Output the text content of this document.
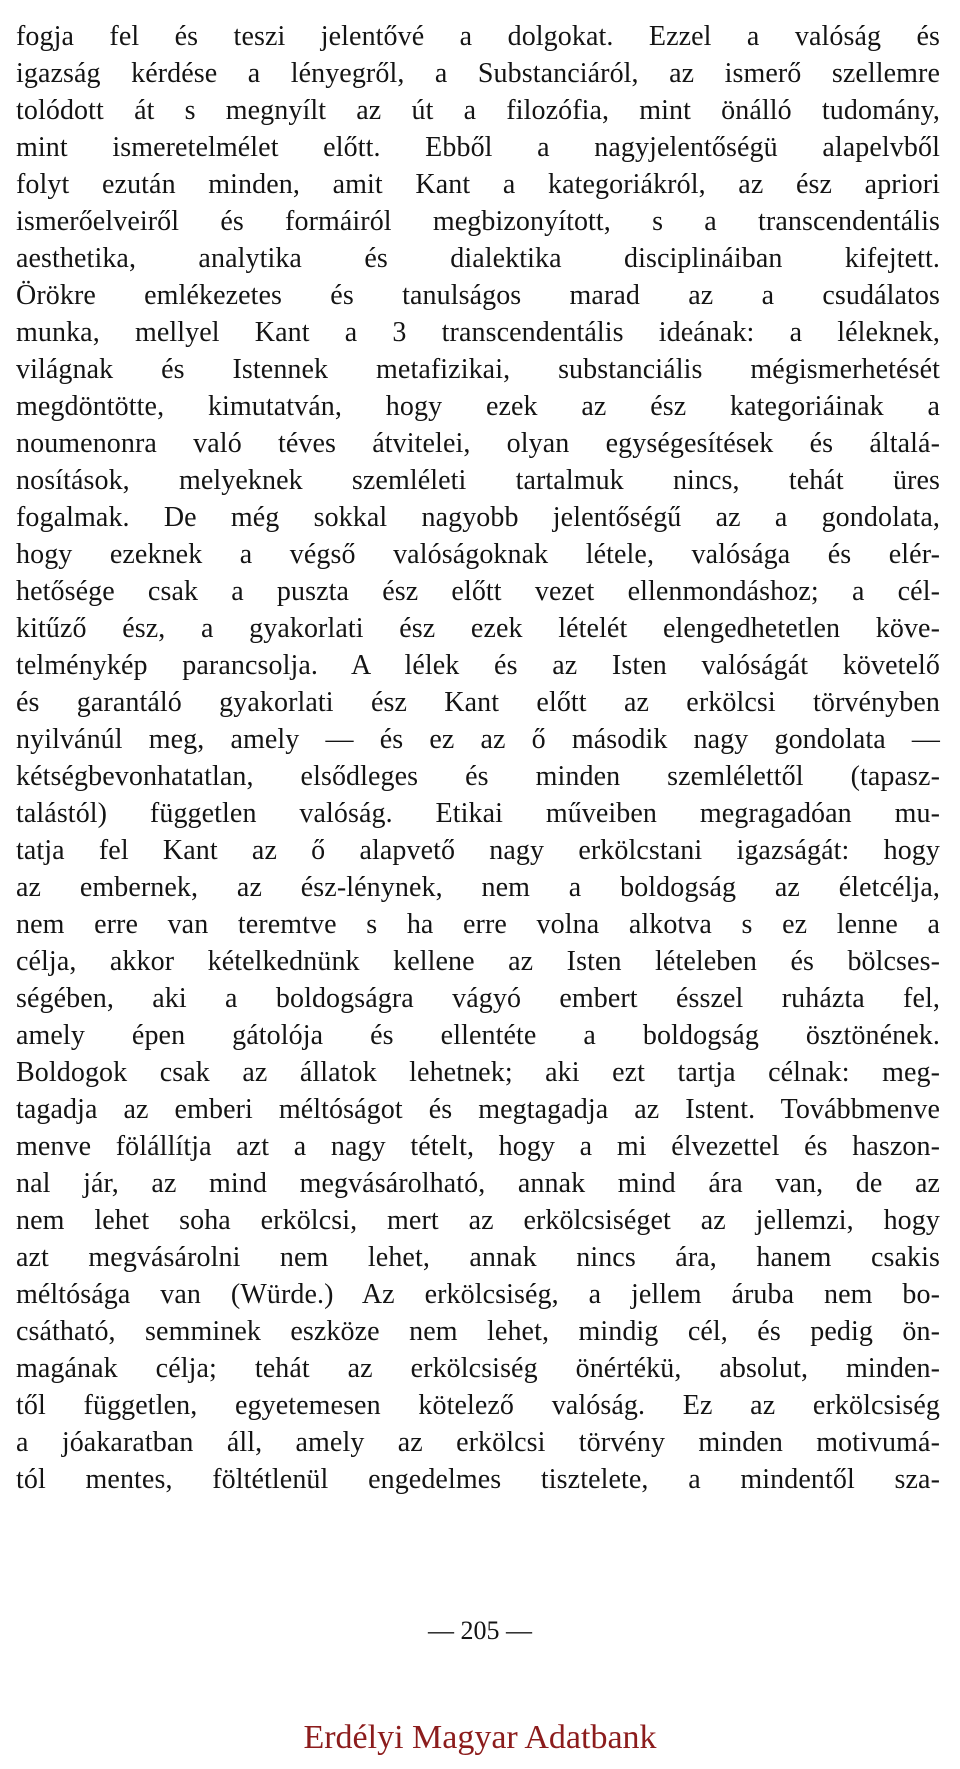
fogja fel és teszi jelentővé a dolgokat. Ezzel a valóság és
igazság kérdése a lényegről, a Substanciáról, az ismerő szellemre
tolódott át s megnyílt az út a filozófia, mint önálló tudomány,
mint ismeretelmélet előtt. Ebből a nagyjelentőségü alapelvből
folyt ezután minden, amit Kant a kategoriákról, az ész apriori
ismerőelveiről és formáiról megbizonyított, s a transcendentális
aesthetika, analytika és dialektika disciplináiban kifejtett.
Örökre emlékezetes és tanulságos marad az a csudálatos
munka, mellyel Kant a 3 transcendentális ideának: a léleknek,
világnak és Istennek metafizikai, substanciális mégismerhetését
megdöntötte, kimutatván, hogy ezek az ész kategoriáinak a
noumenonra való téves átvitelei, olyan egységesítések és általá-
nosítások, melyeknek szemléleti tartalmuk nincs, tehát üres
fogalmak. De még sokkal nagyobb jelentőségű az a gondolata,
hogy ezeknek a végső valóságoknak létele, valósága és elér-
hetősége csak a puszta ész előtt vezet ellenmondáshoz; a cél-
kitűző ész, a gyakorlati ész ezek lételét elengedhetetlen köve-
telménykép parancsolja. A lélek és az Isten valóságát követelő
és garantáló gyakorlati ész Kant előtt az erkölcsi törvényben
nyilvánúl meg, amely — és ez az ő második nagy gondolata —
kétségbevonhatatlan, elsődleges és minden szemlélettől (tapasz-
talástól) független valóság. Etikai műveiben megragadóan mu-
tatja fel Kant az ő alapvető nagy erkölcstani igazságát: hogy
az embernek, az ész-lénynek, nem a boldogság az életcélja,
nem erre van teremtve s ha erre volna alkotva s ez lenne a
célja, akkor kételkednünk kellene az Isten lételeben és bölcses-
ségében, aki a boldogságra vágyó embert ésszel ruházta fel,
amely épen gátolója és ellentéte a boldogság ösztönének.
Boldogok csak az állatok lehetnek; aki ezt tartja célnak: meg-
tagadja az emberi méltóságot és megtagadja az Istent. Továbbmenve
menve fölállítja azt a nagy tételt, hogy a mi élvezettel és haszon-
nal jár, az mind megvásárolható, annak mind ára van, de az
nem lehet soha erkölcsi, mert az erkölcsiséget az jellemzi, hogy
azt megvásárolni nem lehet, annak nincs ára, hanem csakis
méltósága van (Würde.) Az erkölcsiség, a jellem áruba nem bo-
csátható, semminek eszköze nem lehet, mindig cél, és pedig ön-
magának célja; tehát az erkölcsiség önértékü, absolut, minden-
től független, egyetemesen kötelező valóság. Ez az erkölcsiség
a jóakaratban áll, amely az erkölcsi törvény minden motivumá-
tól mentes, föltétlenül engedelmes tisztelete, a mindentől sza-
— 205 —
Erdélyi Magyar Adatbank
